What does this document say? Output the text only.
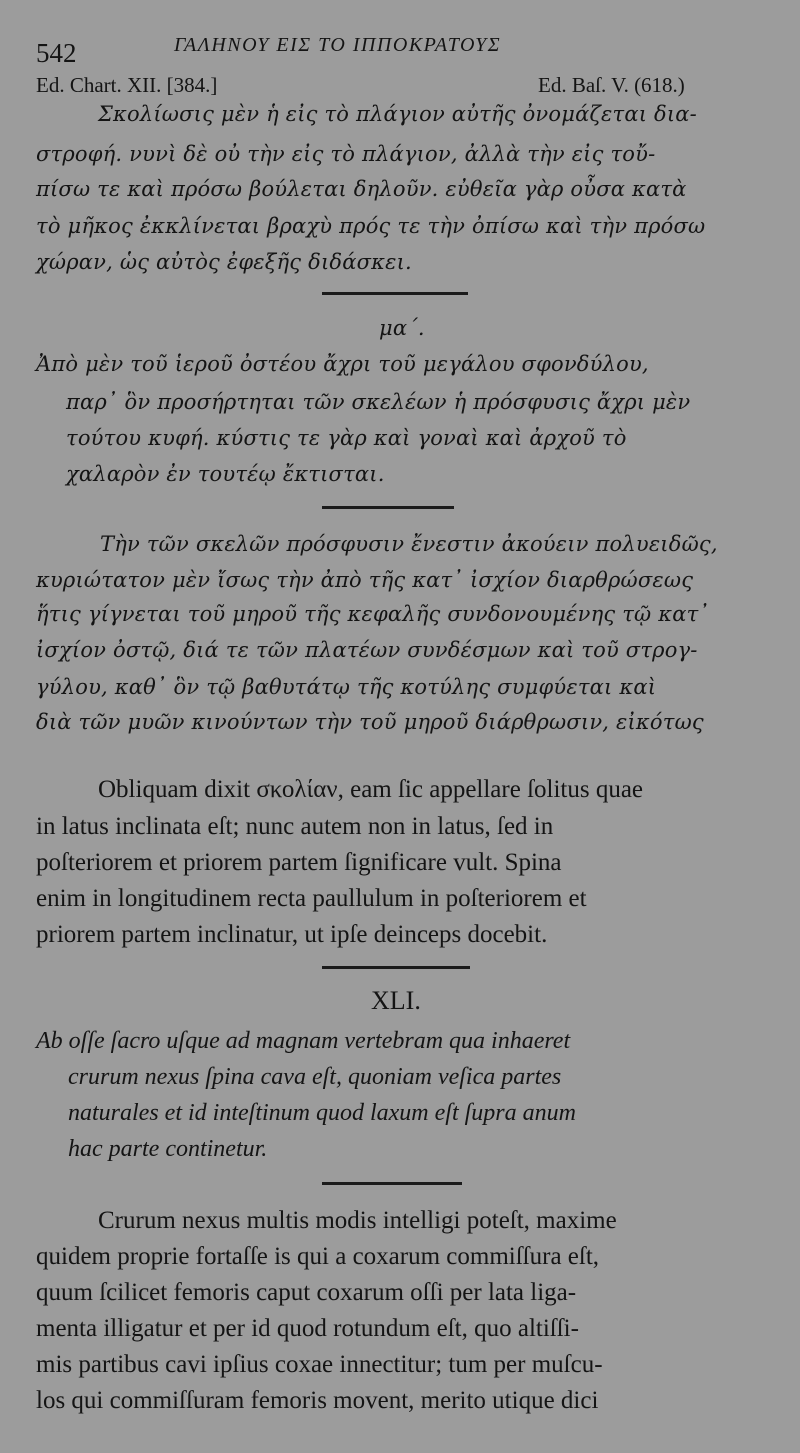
542	ΓΑΛΗΝΟΥ ΕΙΣ ΤΟ ΙΠΠΟΚΡΑΤΟΥΣ
Ed. Chart. XII. [384.]	Ed. Baſ. V. (618.)
Σκολίωσις μὲν ἡ εἰς τὸ πλάγιον αὐτῆς ὀνομάζεται δια-
στροφή. νυνὶ δὲ οὐ τὴν εἰς τὸ πλάγιον, ἀλλὰ τὴν εἰς τοὔ-
πίσω τε καὶ πρόσω βούλεται δηλοῦν. εὐθεῖα γὰρ οὖσα κατὰ
τὸ μῆκος ἐκκλίνεται βραχὺ πρός τε τὴν ὀπίσω καὶ τὴν πρόσω
χώραν, ὡς αὐτὸς ἐφεξῆς διδάσκει.
μα΄.
Ἀπὸ μὲν τοῦ ἱεροῦ ὀστέου ἄχρι τοῦ μεγάλου σφονδύλου,
παρ᾽ ὃν προσήρτηται τῶν σκελέων ἡ πρόσφυσις ἄχρι μὲν
τούτου κυφή. κύστις τε γὰρ καὶ γοναὶ καὶ ἀρχοῦ τὸ
χαλαρὸν ἐν τουτέῳ ἔκτισται.
Τὴν τῶν σκελῶν πρόσφυσιν ἔνεστιν ἀκούειν πολυειδῶς,
κυριώτατον μὲν ἴσως τὴν ἀπὸ τῆς κατ᾽ ἰσχίον διαρθρώσεως
ἥτις γίγνεται τοῦ μηροῦ τῆς κεφαλῆς συνδονουμένης τῷ κατ᾽
ἰσχίον ὀστῷ, διά τε τῶν πλατέων συνδέσμων καὶ τοῦ στρογ-
γύλου, καθ᾽ ὃν τῷ βαθυτάτῳ τῆς κοτύλης συμφύεται καὶ
διὰ τῶν μυῶν κινούντων τὴν τοῦ μηροῦ διάρθρωσιν, εἰκότως
Obliquam dixit σκολίαν, eam ſic appellare ſolitus quae
in latus inclinata eſt; nunc autem non in latus, ſed in
poſteriorem et priorem partem ſignificare vult. Spina
enim in longitudinem recta paullulum in poſteriorem et
priorem partem inclinatur, ut ipſe deinceps docebit.
XLI.
Ab oſſe ſacro uſque ad magnam vertebram qua inhaeret
crurum nexus ſpina cava eſt, quoniam veſica partes
naturales et id inteſtinum quod laxum eſt ſupra anum
hac parte continetur.
Crurum nexus multis modis intelligi poteſt, maxime
quidem proprie fortaſſe is qui a coxarum commiſſura eſt,
quum ſcilicet femoris caput coxarum oſſi per lata liga-
menta illigatur et per id quod rotundum eſt, quo altiſſi-
mis partibus cavi ipſius coxae innectitur; tum per muſcu-
los qui commiſſuram femoris movent, merito utique dici
